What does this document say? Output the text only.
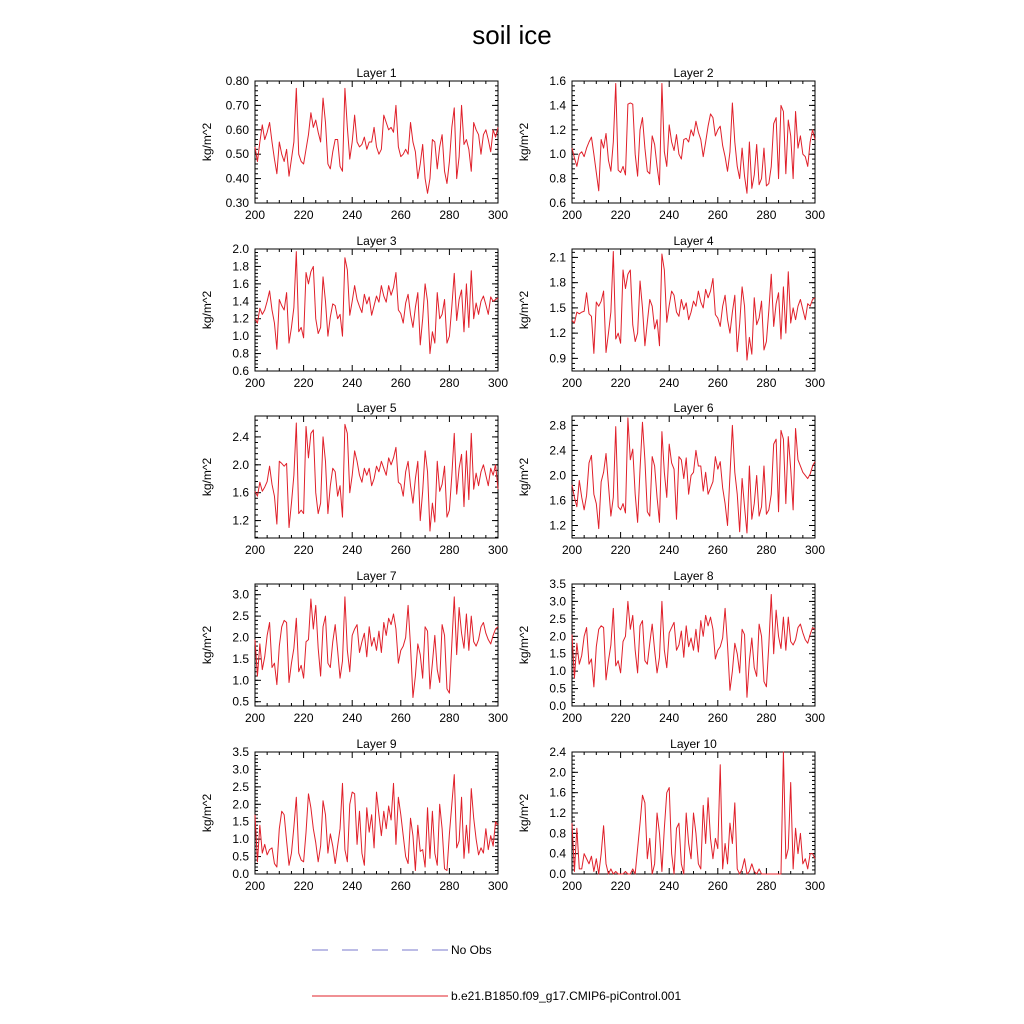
soil ice
Layer 1
kg/m^2
200 220 240 260 280 300
0.30
0.40
0.50
0.60
0.70
0.80
Layer 2
kg/m^2
200 220 240 260 280 300
0.6
0.8
1.0
1.2
1.4
1.6
Layer 3
kg/m^2
200 220 240 260 280 300
0.6
0.8
1.0
1.2
1.4
1.6
1.8
2.0
Layer 4
kg/m^2
200 220 240 260 280 300
0.9
1.2
1.5
1.8
2.1
Layer 5
kg/m^2
200 220 240 260 280 300
1.2
1.6
2.0
2.4
Layer 6
kg/m^2
200 220 240 260 280 300
1.2
1.6
2.0
2.4
2.8
Layer 7
kg/m^2
200 220 240 260 280 300
0.5
1.0
1.5
2.0
2.5
3.0
Layer 8
kg/m^2
200 220 240 260 280 300
0.0
0.5
1.0
1.5
2.0
2.5
3.0
3.5
Layer 9
kg/m^2
200 220 240 260 280 300
0.0
0.5
1.0
1.5
2.0
2.5
3.0
3.5
Layer 10
kg/m^2
200 220 240 260 280 300
0.0
0.4
0.8
1.2
1.6
2.0
2.4
No Obs
b.e21.B1850.f09_g17.CMIP6-piControl.001
